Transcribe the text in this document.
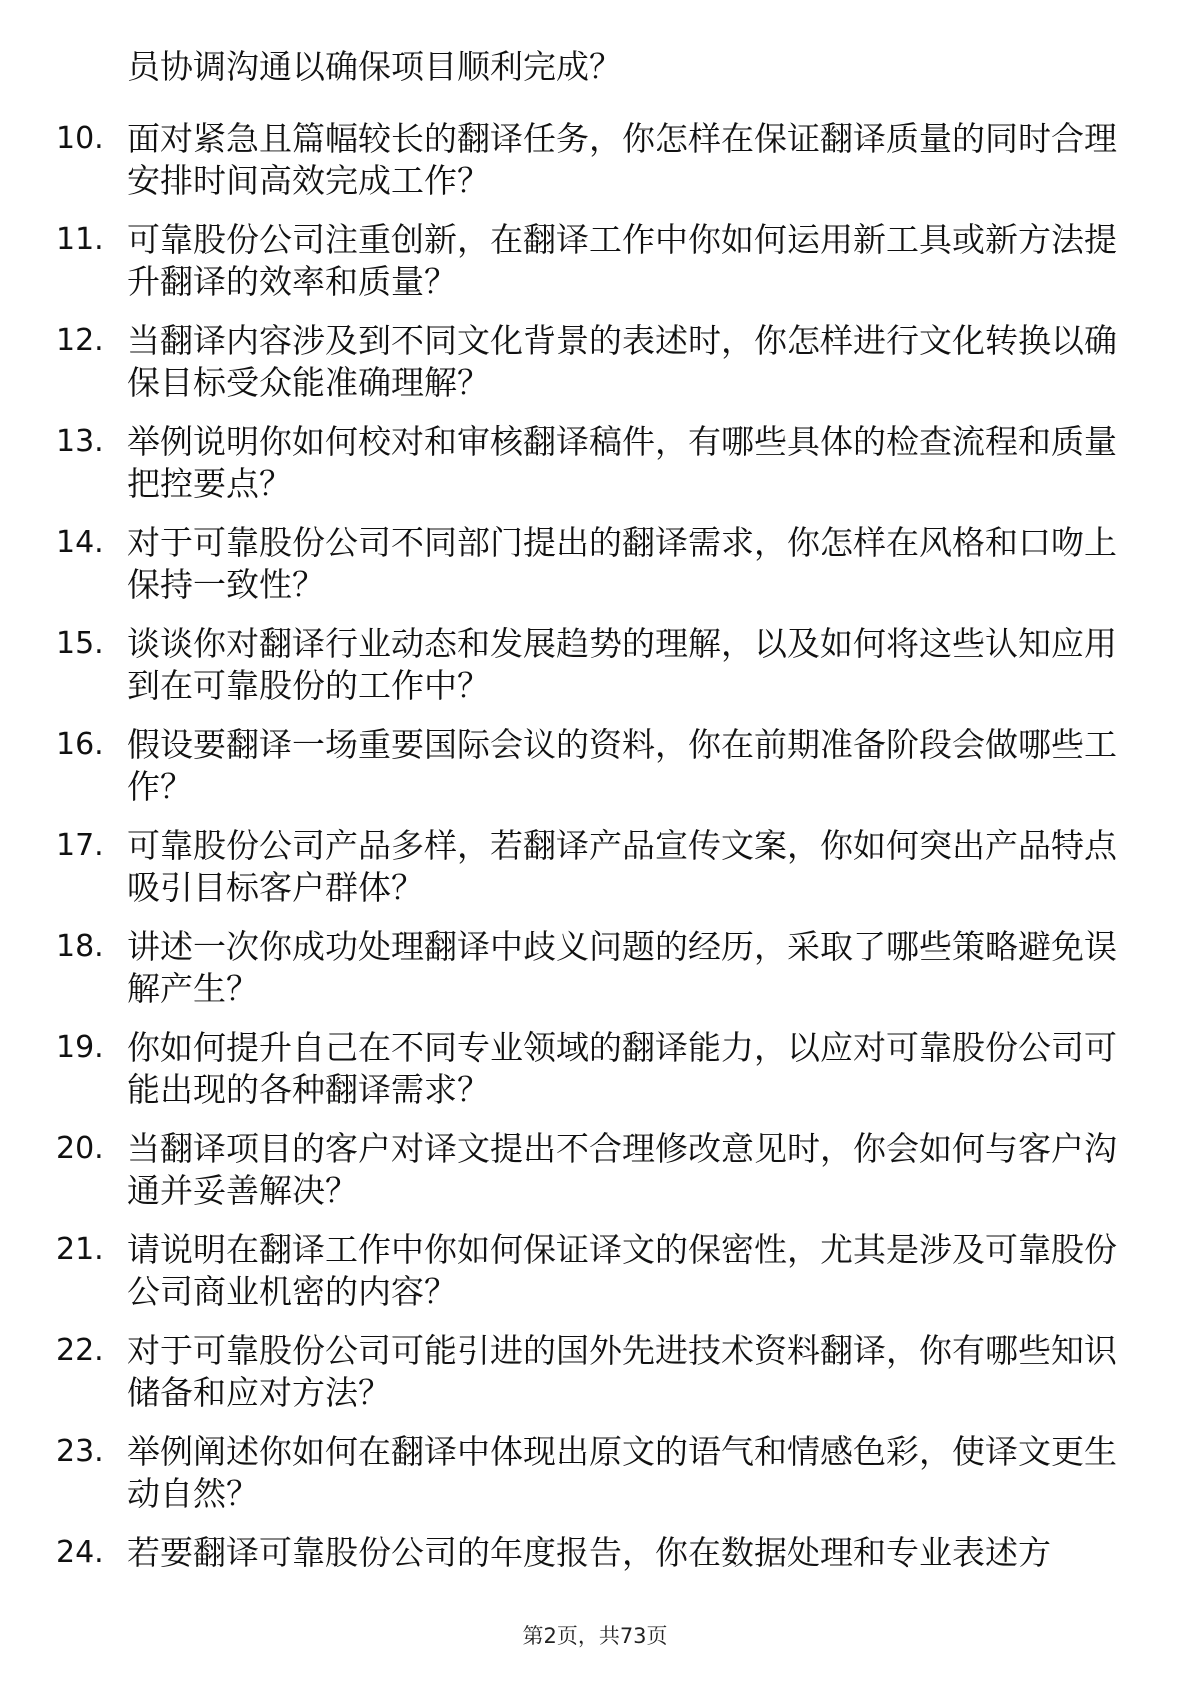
员协调沟通以确保项目顺利完成？
10. 面对紧急且篇幅较长的翻译任务，你怎样在保证翻译质量的同时合理安排时间高效完成工作？
11. 可靠股份公司注重创新，在翻译工作中你如何运用新工具或新方法提升翻译的效率和质量？
12. 当翻译内容涉及到不同文化背景的表述时，你怎样进行文化转换以确保目标受众能准确理解？
13. 举例说明你如何校对和审核翻译稿件，有哪些具体的检查流程和质量把控要点？
14. 对于可靠股份公司不同部门提出的翻译需求，你怎样在风格和口吻上保持一致性？
15. 谈谈你对翻译行业动态和发展趋势的理解，以及如何将这些认知应用到在可靠股份的工作中？
16. 假设要翻译一场重要国际会议的资料，你在前期准备阶段会做哪些工作？
17. 可靠股份公司产品多样，若翻译产品宣传文案，你如何突出产品特点吸引目标客户群体？
18. 讲述一次你成功处理翻译中歧义问题的经历，采取了哪些策略避免误解产生？
19. 你如何提升自己在不同专业领域的翻译能力，以应对可靠股份公司可能出现的各种翻译需求？
20. 当翻译项目的客户对译文提出不合理修改意见时，你会如何与客户沟通并妥善解决？
21. 请说明在翻译工作中你如何保证译文的保密性，尤其是涉及可靠股份公司商业机密的内容？
22. 对于可靠股份公司可能引进的国外先进技术资料翻译，你有哪些知识储备和应对方法？
23. 举例阐述你如何在翻译中体现出原文的语气和情感色彩，使译文更生动自然？
24. 若要翻译可靠股份公司的年度报告，你在数据处理和专业表述方
第2页，共73页
